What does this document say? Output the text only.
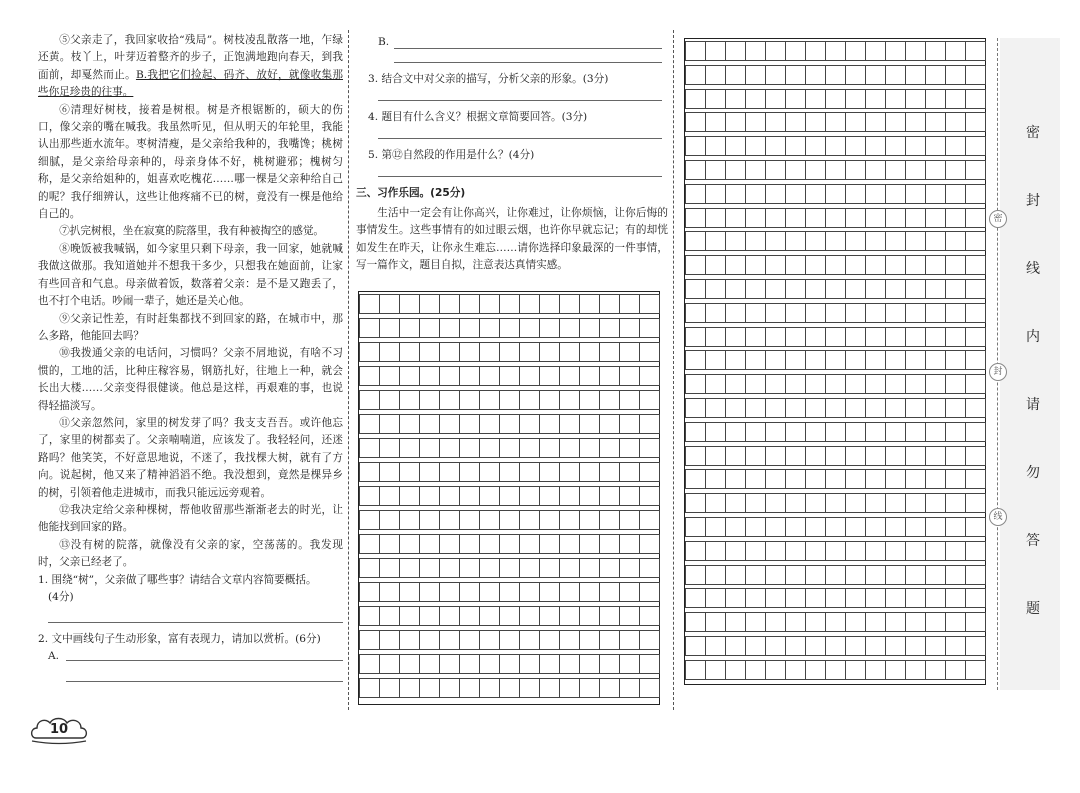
⑤父亲走了，我回家收拾“残局”。树枝凌乱散落一地，乍绿还黄。枝丫上，叶芽迈着整齐的步子，正饱满地跑向春天，到我面前，却戛然而止。B.我把它们捡起、码齐、放好，就像收集那些你足珍贵的往事。

⑥清理好树枝，接着是树根。树是齐根锯断的，硕大的伤口，像父亲的嘴在喊我。我虽然听见，但从明天的年轮里，我能认出那些逝水流年。枣树清瘦，是父亲给我种的，我嘴馋；桃树细腻，是父亲给母亲种的，母亲身体不好，桃树避邪；槐树匀称，是父亲给姐种的，姐喜欢吃槐花……哪一棵是父亲种给自己的呢？我仔细辨认，这些让他疼痛不已的树，竟没有一棵是他给自己的。

⑦扒完树根，坐在寂寞的院落里，我有种被掏空的感觉。

⑧晚饭被我喊锅，如今家里只剩下母亲，我一回家，她就喊我做这做那。我知道她并不想我干多少，只想我在她面前，让家有些回音和气息。母亲做着饭，数落着父亲：是不是又跑丢了，也不打个电话。吵闹一辈子，她还是关心他。

⑨父亲记性差，有时赶集都找不到回家的路，在城市中，那么多路，他能回去吗？

⑩我拨通父亲的电话问，习惯吗？父亲不屑地说，有啥不习惯的，工地的活，比种庄稼容易，钢筋扎好，往地上一种，就会长出大楼……父亲变得很健谈。他总是这样，再艰难的事，也说得轻描淡写。

⑪父亲忽然问，家里的树发芽了吗？我支支吾吾。或许他忘了，家里的树都卖了。父亲喃喃道，应该发了。我轻轻问，还迷路吗？他笑笑，不好意思地说，不迷了，我找棵大树，就有了方向。说起树，他又来了精神滔滔不绝。我没想到，竟然是棵异乡的树，引领着他走进城市，而我只能远远旁观着。

⑫我决定给父亲种棵树，帮他收留那些渐渐老去的时光，让他能找到回家的路。

⑬没有树的院落，就像没有父亲的家，空荡荡的。我发现时，父亲已经老了。

1. 围绕“树”，父亲做了哪些事？请结合文章内容简要概括。
(4分)

2. 文中画线句子生动形象，富有表现力，请加以赏析。(6分)

A.
B.

3. 结合文中对父亲的描写，分析父亲的形象。(3分)

4. 题目有什么含义？根据文章简要回答。(3分)

5. 第⑫自然段的作用是什么？(4分)

三、习作乐园。(25分)

生活中一定会有让你高兴，让你难过，让你烦恼，让你后悔的事情发生。这些事情有的如过眼云烟，也许你早就忘记；有的却恍如发生在昨天，让你永生难忘……请你选择印象最深的一件事情，写一篇作文，题目自拟，注意表达真情实感。

密
封
线
密
封
线
内
请
勿
答
题
10
